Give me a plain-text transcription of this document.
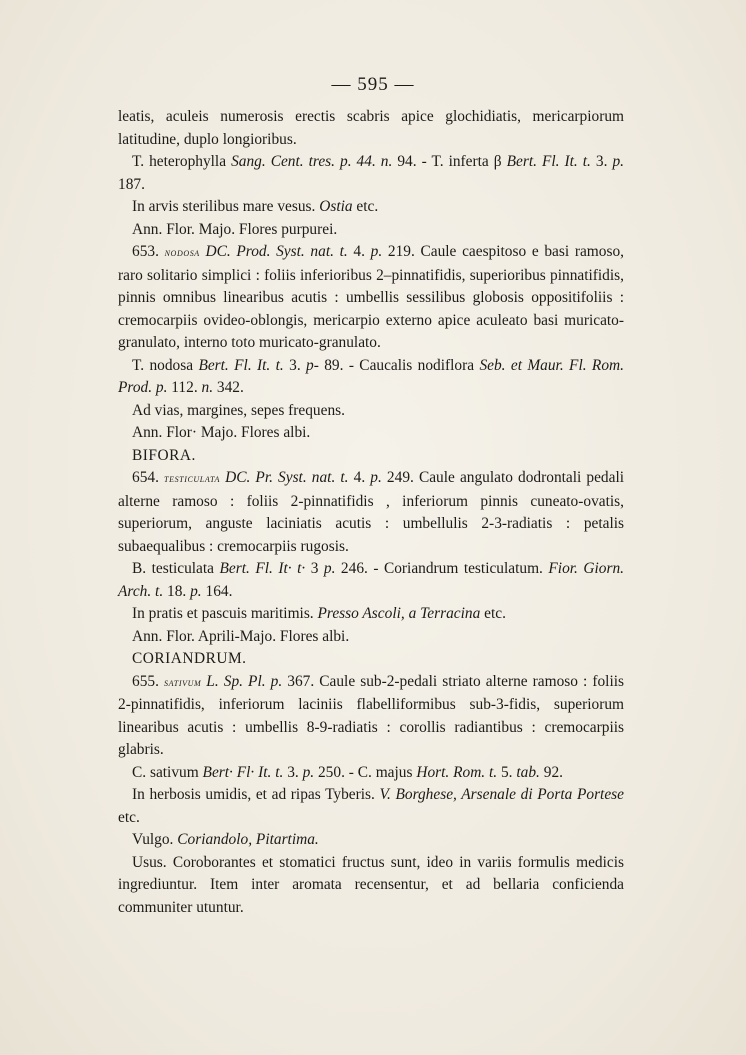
— 595 —

leatis, aculeis numerosis erectis scabris apice glochidiatis, mericarpiorum latitudine, duplo longioribus.

T. heterophylla Sang. Cent. tres. p. 44. n. 94. - T. inferta β Bert. Fl. It. t. 3. p. 187.

In arvis sterilibus mare vesus. Ostia etc.

Ann. Flor. Majo. Flores purpurei.

653. nodosa DC. Prod. Syst. nat. t. 4. p. 219. Caule caespitoso e basi ramoso, raro solitario simplici : foliis inferioribus 2–pinnatifidis, superioribus pinnatifidis, pinnis omnibus linearibus acutis : umbellis sessilibus globosis oppositifoliis : cremocarpiis ovideo-oblongis, mericarpio externo apice aculeato basi muricato-granulato, interno toto muricato-granulato.

T. nodosa Bert. Fl. It. t. 3. p- 89. - Caucalis nodiflora Seb. et Maur. Fl. Rom. Prod. p. 112. n. 342.

Ad vias, margines, sepes frequens.

Ann. Flor· Majo. Flores albi.

BIFORA.

654. testiculata DC. Pr. Syst. nat. t. 4. p. 249. Caule angulato dodrontali pedali alterne ramoso : foliis 2-pinnatifidis , inferiorum pinnis cuneato-ovatis, superiorum, anguste laciniatis acutis : umbellulis 2-3-radiatis : petalis subaequalibus : cremocarpiis rugosis.

B. testiculata Bert. Fl. It· t· 3 p. 246. - Coriandrum testiculatum. Fior. Giorn. Arch. t. 18. p. 164.

In pratis et pascuis maritimis. Presso Ascoli, a Terracina etc.

Ann. Flor. Aprili-Majo. Flores albi.

CORIANDRUM.

655. sativum L. Sp. Pl. p. 367. Caule sub-2-pedali striato alterne ramoso : foliis 2-pinnatifidis, inferiorum laciniis flabelliformibus sub-3-fidis, superiorum linearibus acutis : umbellis 8-9-radiatis : corollis radiantibus : cremocarpiis glabris.

C. sativum Bert· Fl· It. t. 3. p. 250. - C. majus Hort. Rom. t. 5. tab. 92.

In herbosis umidis, et ad ripas Tyberis. V. Borghese, Arsenale di Porta Portese etc.

Vulgo. Coriandolo, Pitartima.

Usus. Coroborantes et stomatici fructus sunt, ideo in variis formulis medicis ingrediuntur. Item inter aromata recensentur, et ad bellaria conficienda communiter utuntur.
